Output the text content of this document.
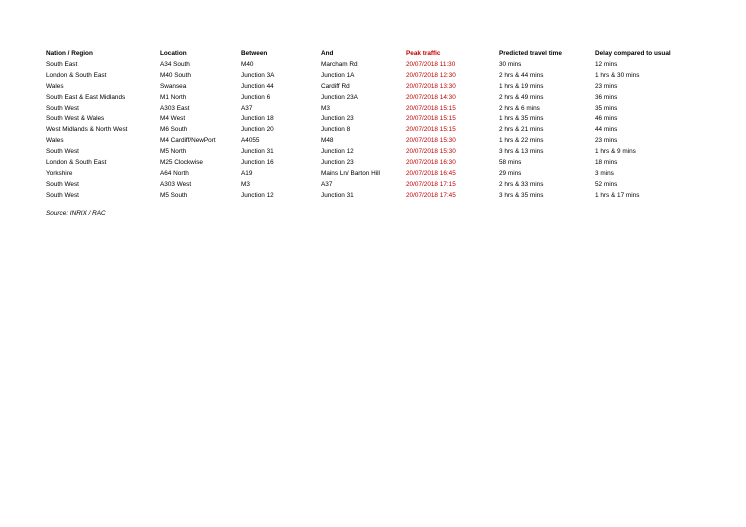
Nation / Region	Location	Between	And	Peak traffic	Predicted travel time	Delay compared to usual
South East	A34 South	M40	Marcham Rd	20/07/2018 11:30	30 mins	12 mins
London & South East	M40 South	Junction 3A	Junction 1A	20/07/2018 12:30	2 hrs & 44 mins	1 hrs & 30 mins
Wales	Swansea	Junction 44	Cardiff Rd	20/07/2018 13:30	1 hrs & 19 mins	23 mins
South East & East Midlands	M1 North	Junction 6	Junction 23A	20/07/2018 14:30	2 hrs & 49 mins	36 mins
South West	A303 East	A37	M3	20/07/2018 15:15	2 hrs & 6 mins	35 mins
South West & Wales	M4 West	Junction 18	Junction 23	20/07/2018 15:15	1 hrs & 35 mins	46 mins
West Midlands & North West	M6 South	Junction 20	Junction 8	20/07/2018 15:15	2 hrs & 21 mins	44 mins
Wales	M4 Cardiff/NewPort	A4055	M48	20/07/2018 15:30	1 hrs & 22 mins	23 mins
South West	M5 North	Junction 31	Junction 12	20/07/2018 15:30	3 hrs & 13 mins	1 hrs & 9 mins
London & South East	M25 Clockwise	Junction 16	Junction 23	20/07/2018 16:30	58 mins	18 mins
Yorkshire	A64 North	A19	Mains Ln/ Barton Hill	20/07/2018 16:45	29 mins	3 mins
South West	A303 West	M3	A37	20/07/2018 17:15	2 hrs & 33 mins	52 mins
South West	M5 South	Junction 12	Junction 31	20/07/2018 17:45	3 hrs & 35 mins	1 hrs & 17 mins
Source: INRIX / RAC
